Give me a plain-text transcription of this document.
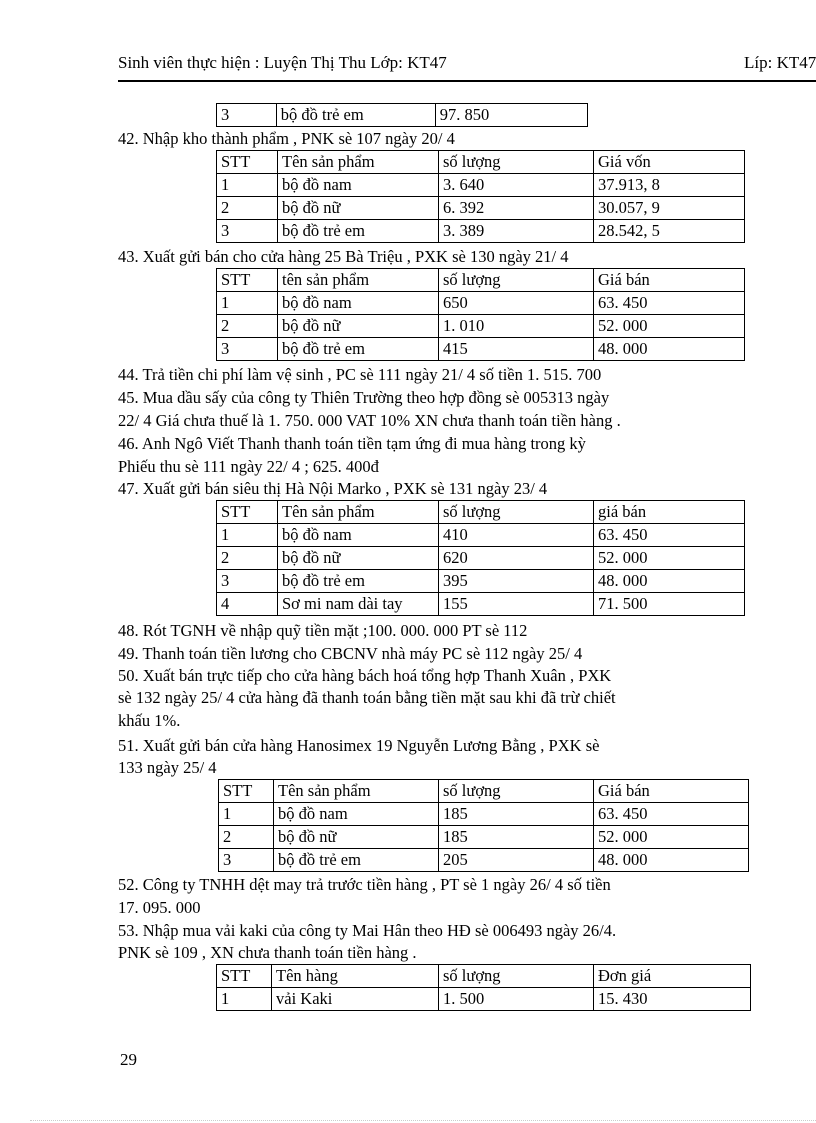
Sinh viên thực hiện : Luyện Thị Thu Lớp: KT47	Líp: KT47
3	bộ đồ trẻ em	97. 850
42. Nhập kho thành phẩm , PNK sè 107 ngày 20/ 4
STT	Tên sản phẩm	số lượng	Giá vốn
1	bộ đồ nam	3. 640	37.913, 8
2	bộ đồ nữ	6. 392	30.057, 9
3	bộ đồ trẻ em	3. 389	28.542, 5
43. Xuất gửi bán cho cửa hàng 25 Bà Triệu , PXK sè 130 ngày 21/ 4
STT	tên sản phẩm	số lượng	Giá bán
1	bộ đồ nam	650	63. 450
2	bộ đồ nữ	1. 010	52. 000
3	bộ đồ trẻ em	415	48. 000
44. Trả tiền chi phí làm vệ sinh , PC sè 111 ngày 21/ 4 số tiền 1. 515. 700
45. Mua dầu sấy của công ty Thiên Trường theo hợp đồng sè 005313 ngày
22/ 4 Giá chưa thuế là 1. 750. 000 VAT 10% XN chưa thanh toán tiền hàng .
46. Anh Ngô Viết Thanh thanh toán tiền tạm ứng đi mua hàng trong kỳ
Phiếu thu sè 111 ngày 22/ 4 ; 625. 400đ
47. Xuất gửi bán siêu thị Hà Nội Marko , PXK sè 131 ngày 23/ 4
STT	Tên sản phẩm	số lượng	giá bán
1	bộ đồ nam	410	63. 450
2	bộ đồ nữ	620	52. 000
3	bộ đồ trẻ em	395	48. 000
4	Sơ mi nam dài tay	155	71. 500
48. Rót TGNH về nhập quỹ tiền mặt ;100. 000. 000 PT sè 112
49. Thanh toán tiền lương cho CBCNV nhà máy PC sè 112 ngày 25/ 4
50. Xuất bán trực tiếp cho cửa hàng bách hoá tổng hợp Thanh Xuân , PXK
sè 132 ngày 25/ 4 cửa hàng đã thanh toán bằng tiền mặt sau khi đã trừ chiết
khấu 1%.
51. Xuất gửi bán cửa hàng Hanosimex 19 Nguyễn Lương Bằng , PXK sè
133 ngày 25/ 4
STT	Tên sản phẩm	số lượng	Giá bán
1	bộ đồ nam	185	63. 450
2	bộ đồ nữ	185	52. 000
3	bộ đồ trẻ em	205	48. 000
52. Công ty TNHH dệt may trả trước tiền hàng , PT sè 1 ngày 26/ 4 số tiền
17. 095. 000
53. Nhập mua vải kaki của công ty Mai Hân theo HĐ sè 006493 ngày 26/4.
PNK sè 109 , XN chưa thanh toán tiền hàng .
STT	Tên hàng	số lượng	Đơn giá
1	vải Kaki	1. 500	15. 430
29
